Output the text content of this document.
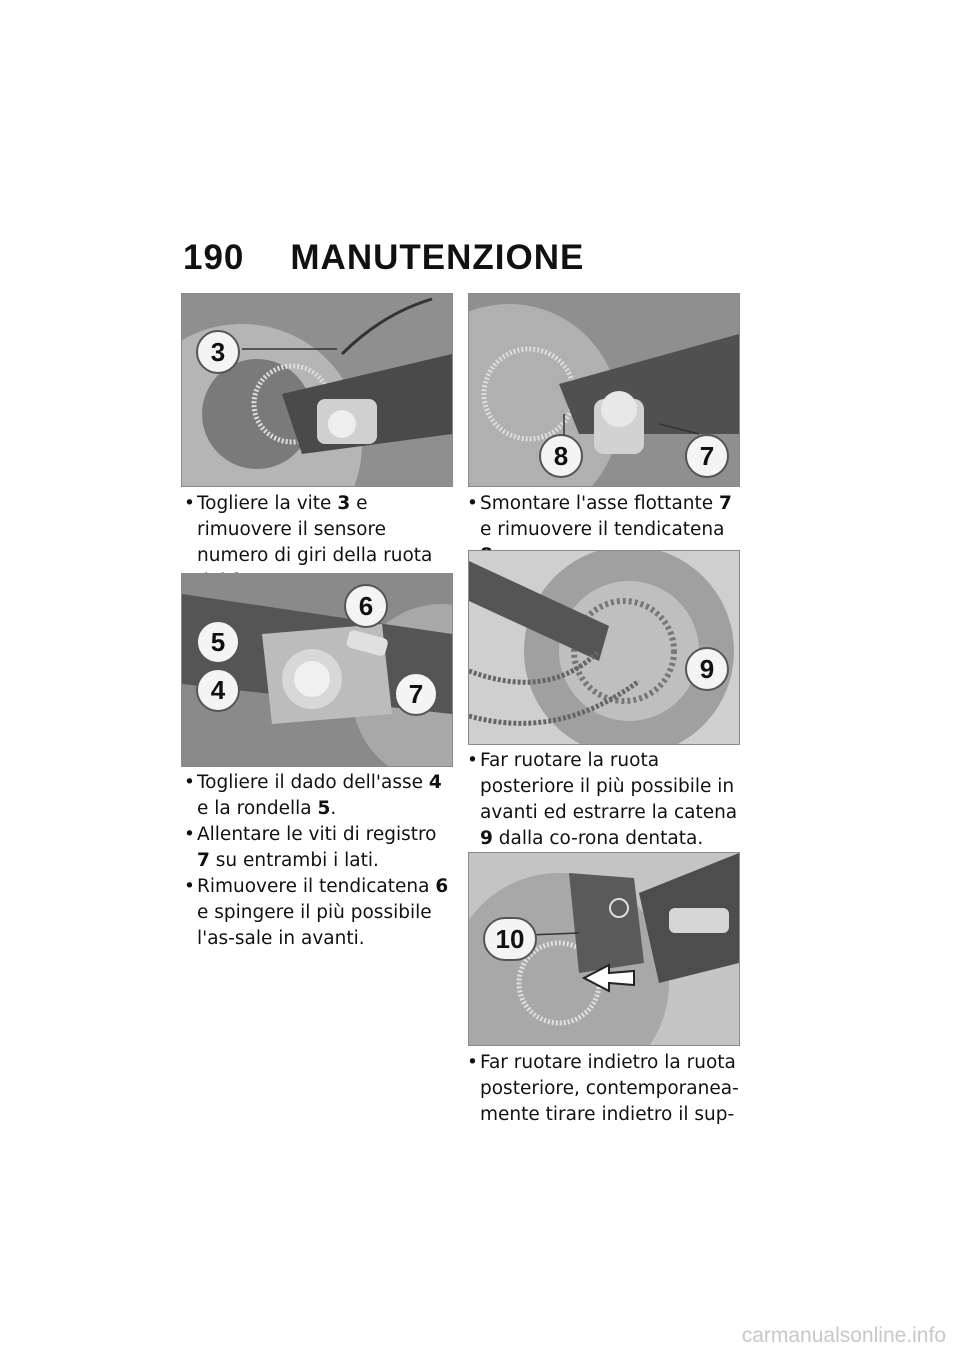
190 MANUTENZIONE
3
8	7
• Togliere la vite 3 e rimuovere il sensore numero di giri della ruota
• Smontare l'asse flottante 7 e rimuovere il tendicatena
6
5
4	7
9
• Togliere il dado dell'asse 4 e la rondella 5.
• Allentare le viti di registro 7 su entrambi i lati.
• Rimuovere il tendicatena 6 e spingere il più possibile l'as-sale in avanti.
• Far ruotare la ruota posteriore il più possibile in avanti ed estrarre la catena 9 dalla co-rona dentata.
10
• Far ruotare indietro la ruota posteriore, contemporanea-mente tirare indietro il sup-
carmanualsonline.info
